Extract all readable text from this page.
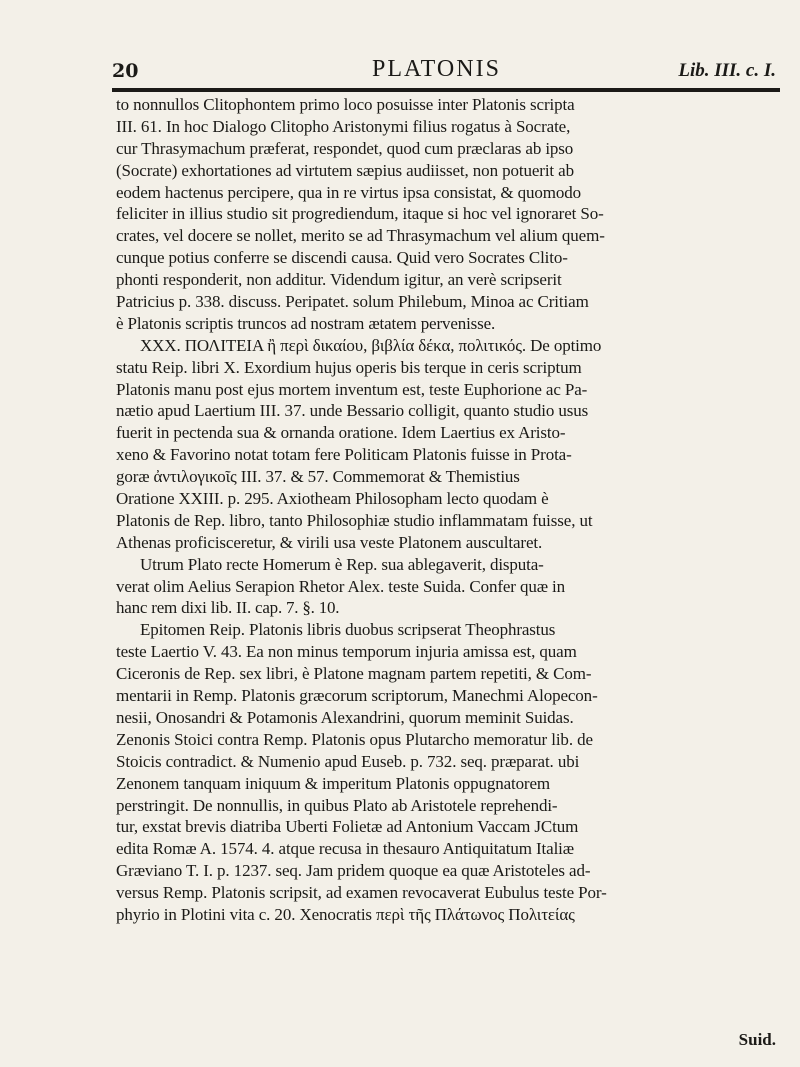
20	PLATONIS	Lib. III. c. I.
to nonnullos Clitophontem primo loco posuisse inter Platonis scripta
III. 61. In hoc Dialogo Clitopho Aristonymi filius rogatus à Socrate,
cur Thrasymachum præferat, respondet, quod cum præclaras ab ipso
(Socrate) exhortationes ad virtutem sæpius audiisset, non potuerit ab
eodem hactenus percipere, qua in re virtus ipsa consistat, & quomodo
feliciter in illius studio sit progrediendum, itaque si hoc vel ignoraret So-
crates, vel docere se nollet, merito se ad Thrasymachum vel alium quem-
cunque potius conferre se discendi causa. Quid vero Socrates Clito-
phonti responderit, non additur. Videndum igitur, an verè scripserit
Patricius p. 338. discuss. Peripatet. solum Philebum, Minoa ac Critiam
è Platonis scriptis truncos ad nostram ætatem pervenisse.
XXX. ΠΟΛΙΤΕΙΑ ἢ περὶ δικαίου, βιβλία δέκα, πολιτικός. De optimo
statu Reip. libri X. Exordium hujus operis bis terque in ceris scriptum
Platonis manu post ejus mortem inventum est, teste Euphorione ac Pa-
nætio apud Laertium III. 37. unde Bessario colligit, quanto studio usus
fuerit in pectenda sua & ornanda oratione. Idem Laertius ex Aristo-
xeno & Favorino notat totam fere Politicam Platonis fuisse in Prota-
goræ ἀντιλογικοῖς III. 37. & 57. Commemorat & Themistius
Oratione XXIII. p. 295. Axiotheam Philosopham lecto quodam è
Platonis de Rep. libro, tanto Philosophiæ studio inflammatam fuisse, ut
Athenas proficisceretur, & virili usa veste Platonem auscultaret.
Utrum Plato recte Homerum è Rep. sua ablegaverit, disputa-
verat olim Aelius Serapion Rhetor Alex. teste Suida. Confer quæ in
hanc rem dixi lib. II. cap. 7. §. 10.
Epitomen Reip. Platonis libris duobus scripserat Theophrastus
teste Laertio V. 43. Ea non minus temporum injuria amissa est, quam
Ciceronis de Rep. sex libri, è Platone magnam partem repetiti, & Com-
mentarii in Remp. Platonis græcorum scriptorum, Manechmi Alopecon-
nesii, Onosandri & Potamonis Alexandrini, quorum meminit Suidas.
Zenonis Stoici contra Remp. Platonis opus Plutarcho memoratur lib. de
Stoicis contradict. & Numenio apud Euseb. p. 732. seq. præparat. ubi
Zenonem tanquam iniquum & imperitum Platonis oppugnatorem
perstringit. De nonnullis, in quibus Plato ab Aristotele reprehendi-
tur, exstat brevis diatriba Uberti Folietæ ad Antonium Vaccam JCtum
edita Romæ A. 1574. 4. atque recusa in thesauro Antiquitatum Italiæ
Græviano T. I. p. 1237. seq. Jam pridem quoque ea quæ Aristoteles ad-
versus Remp. Platonis scripsit, ad examen revocaverat Eubulus teste Por-
phyrio in Plotini vita c. 20. Xenocratis περὶ τῆς Πλάτωνος Πολιτείας
Suid.
